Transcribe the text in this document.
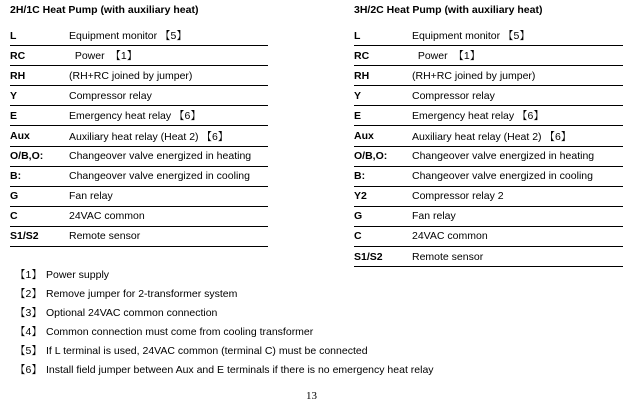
2H/1C Heat Pump (with auxiliary heat)
L	Equipment monitor 【5】
RC	Power  【1】
RH	(RH+RC joined by jumper)
Y	Compressor relay
E	Emergency heat relay 【6】
Aux	Auxiliary heat relay (Heat 2) 【6】
O/B,O:	Changeover valve energized in heating
B:	Changeover valve energized in cooling
G	Fan relay
C	24VAC common
S1/S2	Remote sensor
3H/2C Heat Pump (with auxiliary heat)
L	Equipment monitor 【5】
RC	Power  【1】
RH	(RH+RC joined by jumper)
Y	Compressor relay
E	Emergency heat relay 【6】
Aux	Auxiliary heat relay (Heat 2) 【6】
O/B,O:	Changeover valve energized in heating
B:	Changeover valve energized in cooling
Y2	Compressor relay 2
G	Fan relay
C	24VAC common
S1/S2	Remote sensor
【1】 Power supply
【2】 Remove jumper for 2-transformer system
【3】 Optional 24VAC common connection
【4】 Common connection must come from cooling transformer
【5】 If L terminal is used, 24VAC common (terminal C) must be connected
【6】 Install field jumper between Aux and E terminals if there is no emergency heat relay
13
